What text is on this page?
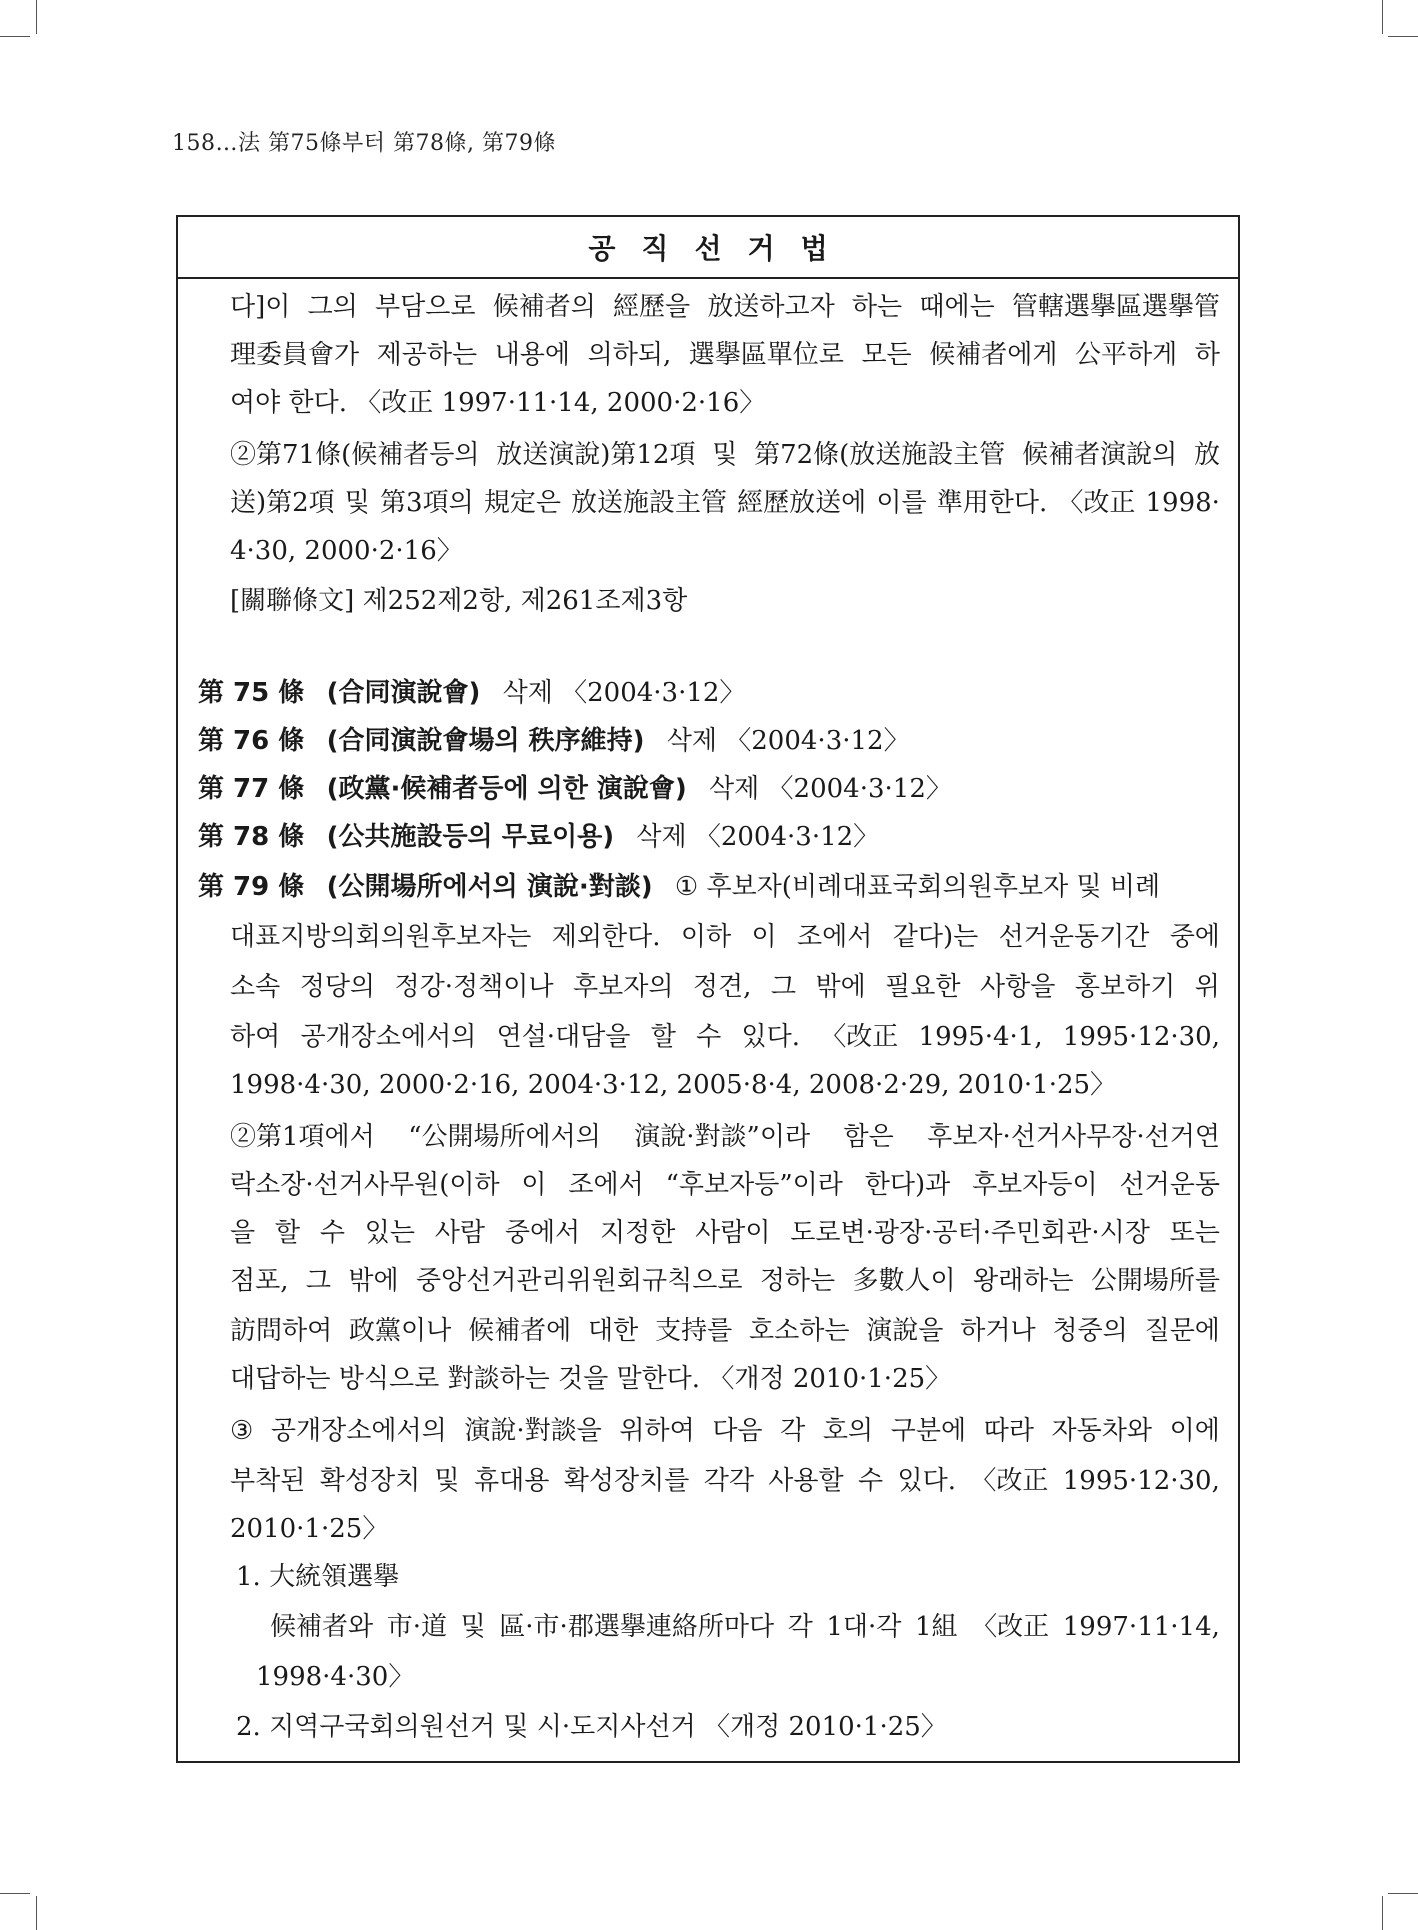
158…法 第75條부터 第78條, 第79條
공직선거법
다]이 그의 부담으로 候補者의 經歷을 放送하고자 하는 때에는 管轄選擧區選擧管
理委員會가 제공하는 내용에 의하되, 選擧區單位로 모든 候補者에게 公平하게 하
여야 한다. 〈改正 1997·11·14, 2000·2·16〉
②第71條(候補者등의 放送演說)第12項 및 第72條(放送施設主管 候補者演說의 放
送)第2項 및 第3項의 規定은 放送施設主管 經歷放送에 이를 準用한다. 〈改正 1998·
4·30, 2000·2·16〉
[關聯條文] 제252제2항, 제261조제3항
第 75 條 (合同演說會) 삭제 〈2004·3·12〉
第 76 條 (合同演說會場의 秩序維持) 삭제 〈2004·3·12〉
第 77 條 (政黨·候補者등에 의한 演說會) 삭제 〈2004·3·12〉
第 78 條 (公共施設등의 무료이용) 삭제 〈2004·3·12〉
第 79 條 (公開場所에서의 演說·對談) ① 후보자(비례대표국회의원후보자 및 비례
대표지방의회의원후보자는 제외한다. 이하 이 조에서 같다)는 선거운동기간 중에
소속 정당의 정강·정책이나 후보자의 정견, 그 밖에 필요한 사항을 홍보하기 위
하여 공개장소에서의 연설·대담을 할 수 있다. 〈改正 1995·4·1, 1995·12·30,
1998·4·30, 2000·2·16, 2004·3·12, 2005·8·4, 2008·2·29, 2010·1·25〉
②第1項에서 “公開場所에서의 演說·對談”이라 함은 후보자·선거사무장·선거연
락소장·선거사무원(이하 이 조에서 “후보자등”이라 한다)과 후보자등이 선거운동
을 할 수 있는 사람 중에서 지정한 사람이 도로변·광장·공터·주민회관·시장 또는
점포, 그 밖에 중앙선거관리위원회규칙으로 정하는 多數人이 왕래하는 公開場所를
訪問하여 政黨이나 候補者에 대한 支持를 호소하는 演說을 하거나 청중의 질문에
대답하는 방식으로 對談하는 것을 말한다. 〈개정 2010·1·25〉
③ 공개장소에서의 演說·對談을 위하여 다음 각 호의 구분에 따라 자동차와 이에
부착된 확성장치 및 휴대용 확성장치를 각각 사용할 수 있다. 〈改正 1995·12·30,
2010·1·25〉
1. 大統領選擧
候補者와 市·道 및 區·市·郡選擧連絡所마다 각 1대·각 1組 〈改正 1997·11·14,
1998·4·30〉
2. 지역구국회의원선거 및 시·도지사선거 〈개정 2010·1·25〉
